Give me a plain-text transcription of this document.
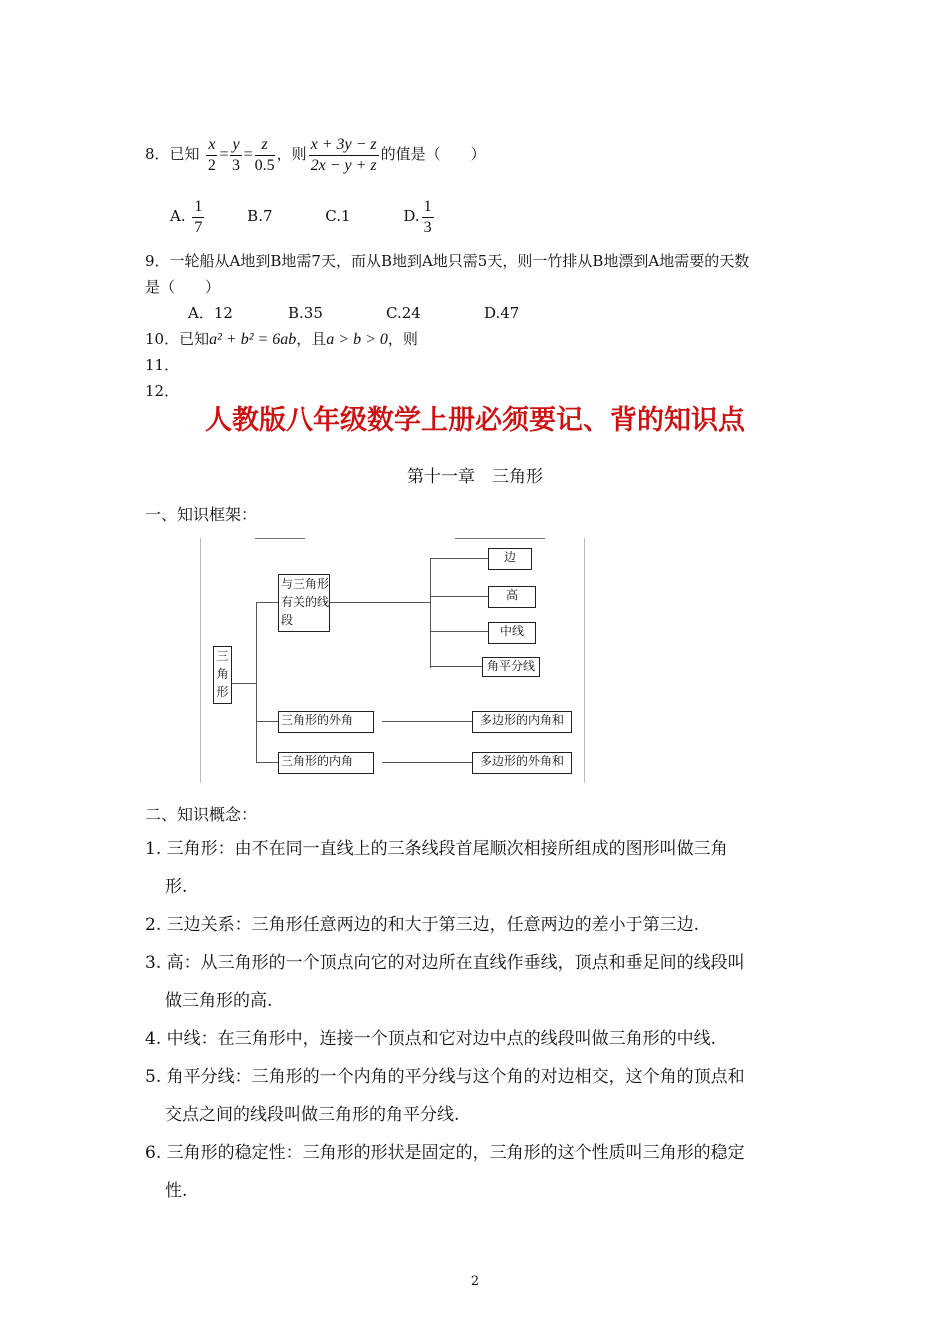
8．已知 $\frac{x}{2} = \frac{y}{3} = \frac{z}{0.5}$ ，则 $\frac{x + 3y - z}{2x - y + z}$ 的值是（　　）
A. $\frac{1}{7}$	B.7	C.1	D. $\frac{1}{3}$
9．一轮船从A地到B地需7天，而从B地到A地只需5天，则一竹排从B地漂到A地需要的天数
是（　　）
A．12	B.35	C.24	D.47
10．已知a² + b² = 6ab，且a > b > 0，则
11．
12．
人教版八年级数学上册必须要记、背的知识点
第十一章　三角形
一、知识框架：
三角形
与三角形有关的线段
边
高
中线
角平分线
三角形的外角	多边形的内角和
三角形的内角	多边形的外角和
二、知识概念：
1. 三角形：由不在同一直线上的三条线段首尾顺次相接所组成的图形叫做三角
形.
2. 三边关系：三角形任意两边的和大于第三边，任意两边的差小于第三边.
3. 高：从三角形的一个顶点向它的对边所在直线作垂线，顶点和垂足间的线段叫
做三角形的高.
4. 中线：在三角形中，连接一个顶点和它对边中点的线段叫做三角形的中线.
5. 角平分线：三角形的一个内角的平分线与这个角的对边相交，这个角的顶点和
交点之间的线段叫做三角形的角平分线.
6. 三角形的稳定性：三角形的形状是固定的，三角形的这个性质叫三角形的稳定
性.
2
